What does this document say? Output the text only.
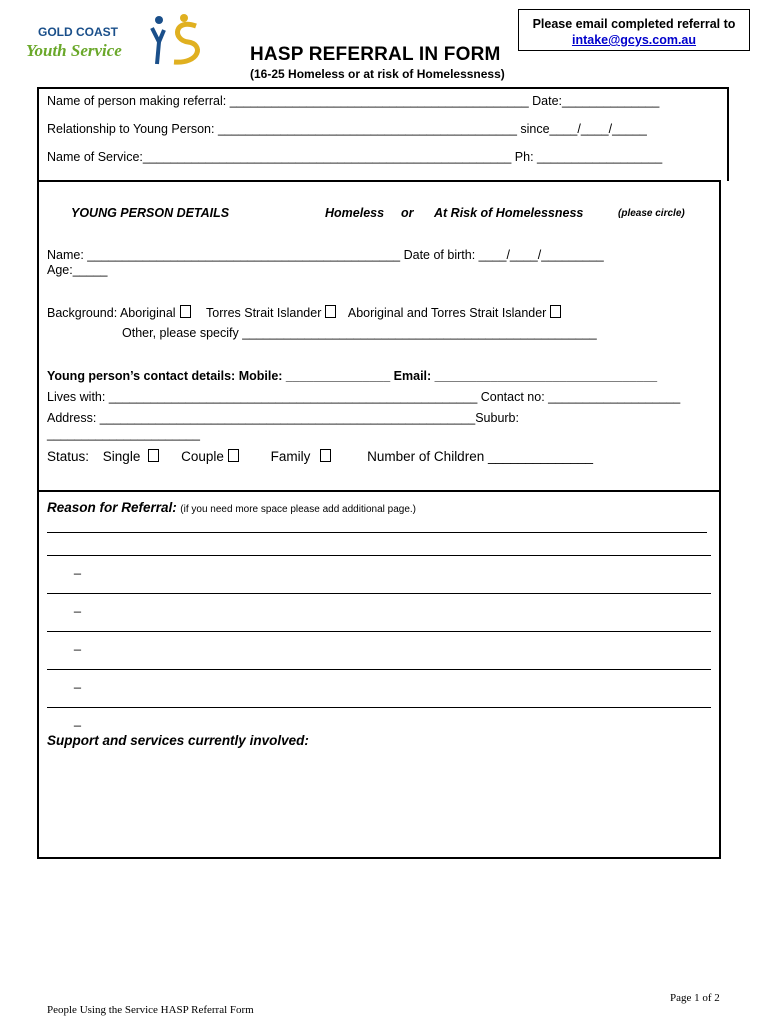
GOLD COAST
Youth Service
Please email completed referral to
intake@gcys.com.au
HASP REFERRAL IN FORM
(16-25 Homeless or at risk of Homelessness)
Name of person making referral: ___________________________________________ Date:______________
Relationship to Young Person: ___________________________________________ since____/____/_____
Name of Service:_____________________________________________________ Ph: __________________
YOUNG PERSON DETAILS	Homeless or At Risk of Homelessness	(please circle)
Name: _____________________________________________ Date of birth: ____/____/_________
Age:_____
Background: Aboriginal Torres Strait Islander Aboriginal and Torres Strait Islander
Other, please specify ___________________________________________________
Young person’s contact details: Mobile: _______________ Email: ________________________________
Lives with: _____________________________________________________ Contact no: ___________________
Address: ______________________________________________________Suburb:
______________________
Status: Single	Couple	Family	Number of Children ______________
Reason for Referral: (if you need more space please add additional page.)
_
_
_
_
_
Support and services currently involved:
Page 1 of 2
People Using the Service HASP Referral Form
